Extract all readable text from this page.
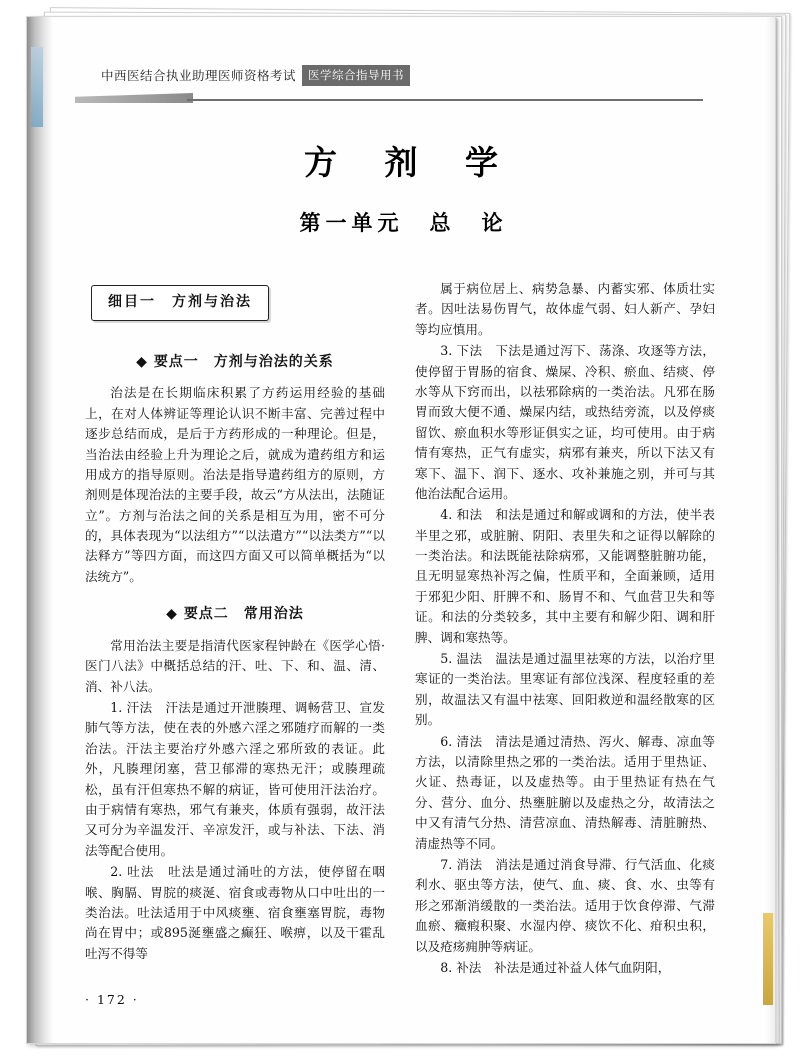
中西医结合执业助理医师资格考试	医学综合指导用书
方 剂 学
第一单元　总　论
细目一　方剂与治法
◆ 要点一　方剂与治法的关系

治法是在长期临床积累了方药运用经验的基础上，在对人体辨证等理论认识不断丰富、完善过程中逐步总结而成，是后于方药形成的一种理论。但是，当治法由经验上升为理论之后，就成为遣药组方和运用成方的指导原则。治法是指导遣药组方的原则，方剂则是体现治法的主要手段，故云“方从法出，法随证立”。方剂与治法之间的关系是相互为用，密不可分的，具体表现为“以法组方”“以法遣方”“以法类方”“以法释方”等四方面，而这四方面又可以简单概括为“以法统方”。

◆ 要点二　常用治法

常用治法主要是指清代医家程钟龄在《医学心悟·医门八法》中概括总结的汗、吐、下、和、温、清、消、补八法。

1. 汗法　汗法是通过开泄腠理、调畅营卫、宣发肺气等方法，使在表的外感六淫之邪随疗而解的一类治法。汗法主要治疗外感六淫之邪所致的表证。此外，凡腠理闭塞，营卫郁滞的寒热无汗；或腠理疏松，虽有汗但寒热不解的病证，皆可使用汗法治疗。由于病情有寒热，邪气有兼夹，体质有强弱，故汗法又可分为辛温发汗、辛凉发汗，或与补法、下法、消法等配合使用。

2. 吐法　吐法是通过涌吐的方法，使停留在咽喉、胸膈、胃脘的痰涎、宿食或毒物从口中吐出的一类治法。吐法适用于中风痰壅、宿食壅塞胃脘，毒物尚在胃中；或895涎壅盛之癫狂、喉痹，以及干霍乱吐泻不得等

属于病位居上、病势急暴、内蓄实邪、体质壮实者。因吐法易伤胃气，故体虚气弱、妇人新产、孕妇等均应慎用。

3. 下法　下法是通过泻下、荡涤、攻逐等方法，使停留于胃肠的宿食、燥屎、冷积、瘀血、结痰、停水等从下窍而出，以祛邪除病的一类治法。凡邪在肠胃而致大便不通、燥屎内结，或热结旁流，以及停痰留饮、瘀血积水等形证俱实之证，均可使用。由于病情有寒热，正气有虚实，病邪有兼夹，所以下法又有寒下、温下、润下、逐水、攻补兼施之别，并可与其他治法配合运用。

4. 和法　和法是通过和解或调和的方法，使半表半里之邪，或脏腑、阴阳、表里失和之证得以解除的一类治法。和法既能祛除病邪，又能调整脏腑功能，且无明显寒热补泻之偏，性质平和，全面兼顾，适用于邪犯少阳、肝脾不和、肠胃不和、气血营卫失和等证。和法的分类较多，其中主要有和解少阳、调和肝脾、调和寒热等。

5. 温法　温法是通过温里祛寒的方法，以治疗里寒证的一类治法。里寒证有部位浅深、程度轻重的差别，故温法又有温中祛寒、回阳救逆和温经散寒的区别。

6. 清法　清法是通过清热、泻火、解毒、凉血等方法，以清除里热之邪的一类治法。适用于里热证、火证、热毒证，以及虚热等。由于里热证有热在气分、营分、血分、热壅脏腑以及虚热之分，故清法之中又有清气分热、清营凉血、清热解毒、清脏腑热、清虚热等不同。

7. 消法　消法是通过消食导滞、行气活血、化痰利水、驱虫等方法，使气、血、痰、食、水、虫等有形之邪渐消缓散的一类治法。适用于饮食停滞、气滞血瘀、癥瘕积聚、水湿内停、痰饮不化、疳积虫积，以及疮疡痈肿等病证。

8. 补法　补法是通过补益人体气血阴阳，

· 172 ·
